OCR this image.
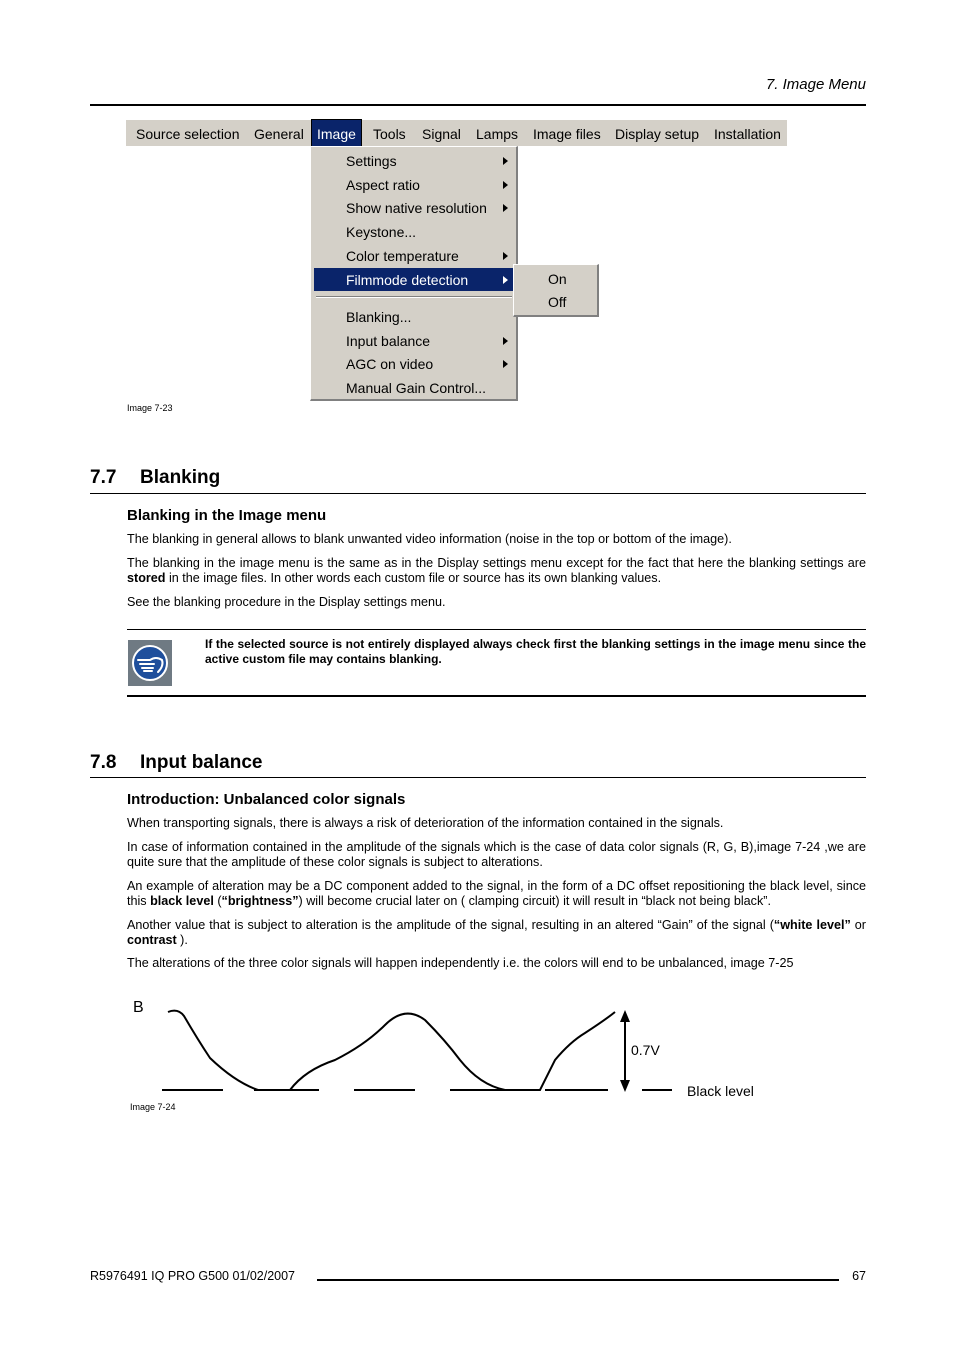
7. Image Menu
Source selection	General Image	Tools	Signal	Lamps	Image files	Display setup	Installation
Settings
Aspect ratio
Show native resolution
Keystone...
Color temperature
Filmmode detection
Blanking...
Input balance
AGC on video
Manual Gain Control...
On
Off
Image 7-23
7.7 Blanking
Blanking in the Image menu

The blanking in general allows to blank unwanted video information (noise in the top or bottom of the image).

The blanking in the image menu is the same as in the Display settings menu except for the fact that here the blanking settings are stored in the image files. In other words each custom file or source has its own blanking values.

See the blanking procedure in the Display settings menu.

If the selected source is not entirely displayed always check first the blanking settings in the image menu since the active custom file may contains blanking.
7.8 Input balance
Introduction: Unbalanced color signals

When transporting signals, there is always a risk of deterioration of the information contained in the signals.

In case of information contained in the amplitude of the signals which is the case of data color signals (R, G, B),image 7-24 ,we are quite sure that the amplitude of these color signals is subject to alterations.

An example of alteration may be a DC component added to the signal, in the form of a DC offset repositioning the black level, since this black level (“brightness”) will become crucial later on ( clamping circuit) it will result in “black not being black”.

Another value that is subject to alteration is the amplitude of the signal, resulting in an altered “Gain” of the signal (“white level” or contrast ).

The alterations of the three color signals will happen independently i.e. the colors will end to be unbalanced, image 7-25

B
0.7V
Black level
Image 7-24
R5976491 IQ PRO G500 01/02/2007	67
